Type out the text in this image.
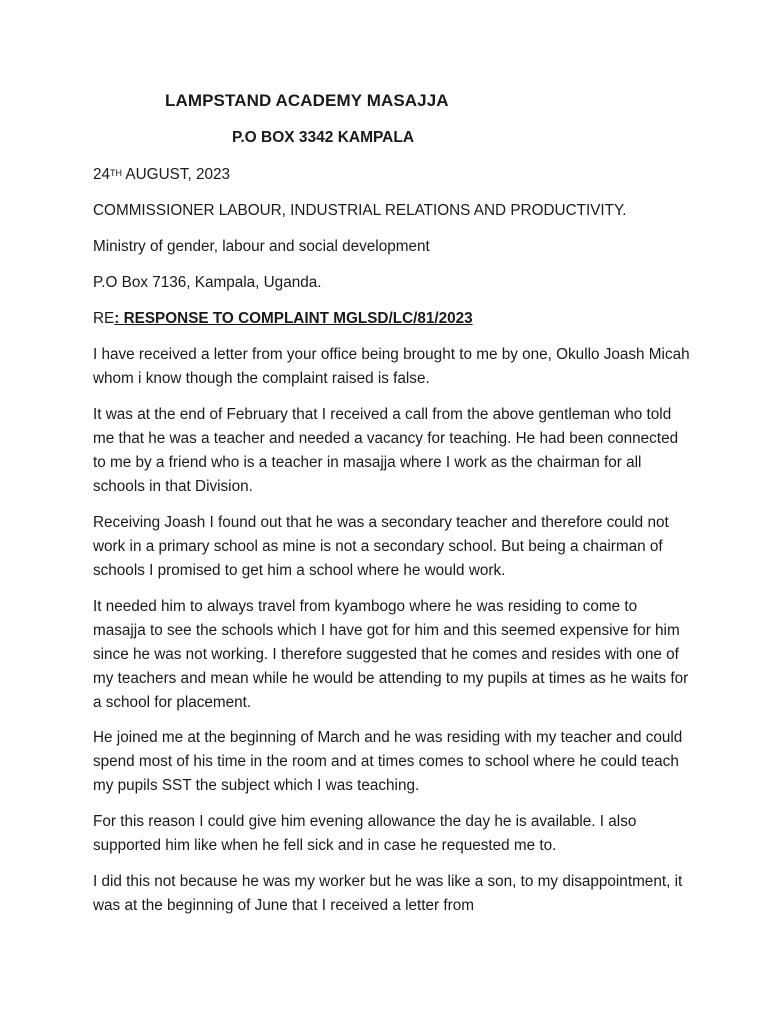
LAMPSTAND ACADEMY MASAJJA
P.O BOX 3342 KAMPALA

24TH AUGUST, 2023

COMMISSIONER LABOUR, INDUSTRIAL RELATIONS AND PRODUCTIVITY.

Ministry of gender, labour and social development

P.O Box 7136, Kampala, Uganda.

RE: RESPONSE TO COMPLAINT MGLSD/LC/81/2023

I have received a letter from your office being brought to me by one, Okullo Joash Micah whom i know though the complaint raised is false.

It was at the end of February that I received a call from the above gentleman who told me that he was a teacher and needed a vacancy for teaching. He had been connected to me by a friend who is a teacher in masajja where I work as the chairman for all schools in that Division.

Receiving Joash I found out that he was a secondary teacher and therefore could not work in a primary school as mine is not a secondary school. But being a chairman of schools I promised to get him a school where he would work.

It needed him to always travel from kyambogo where he was residing to come to masajja to see the schools which I have got for him and this seemed expensive for him since he was not working. I therefore suggested that he comes and resides with one of my teachers and mean while he would be attending to my pupils at times as he waits for a school for placement.

He joined me at the beginning of March and he was residing with my teacher and could spend most of his time in the room and at times comes to school where he could teach my pupils SST the subject which I was teaching.

For this reason I could give him evening allowance the day he is available. I also supported him like when he fell sick and in case he requested me to.

I did this not because he was my worker but he was like a son, to my disappointment, it was at the beginning of June that I received a letter from
